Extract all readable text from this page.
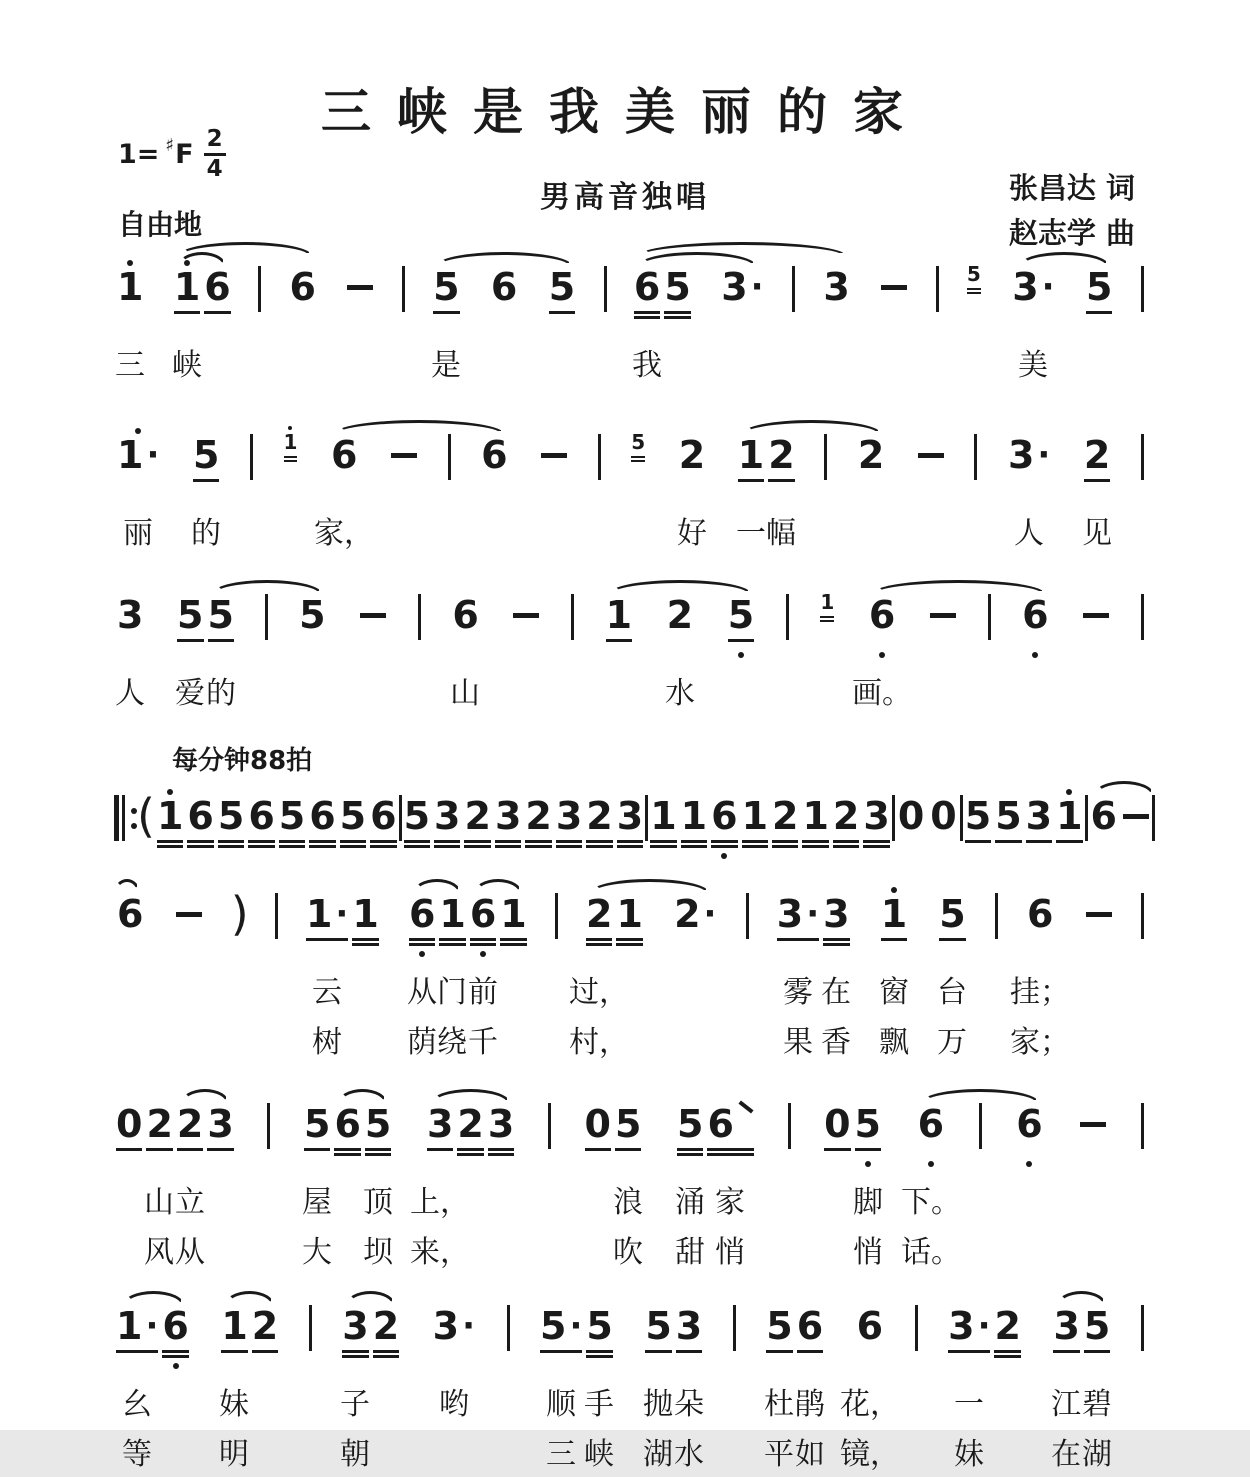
三峡是我美丽的家
1= ♯ F $\frac{2}{4}$
自由地
男高音独唱	张昌达 词
赵志学 曲
1 1 6 6	5 6 5 6 5 3 · 3	5 3 · 5
三 峡	是	我	美
1 · 5	1 6	6	5 2 1 2 2	3 · 2
丽 的	家，	好 一 幅	人 见
3 5 5 5	6	1 2 5	1 6	6
人 爱 的	山	水	画。
每分钟88拍
( 1 6 5 6 5 6 5 6 5 3 2 3 2 3 2 3 1 1 6 1 2 1 2 3 0 0 5 5 3 1 6
6 ) 1 · 1 6 1 6 1 2 1 2 · 3 · 3 1 5 6
云 从 门 前 过，	雾 在 窗 台 挂；
树 荫 绕 千 村，	果 香 飘 万 家；
0 2 2 3 5 6 5 3 2 3 0 5 5 6 0 5 6 6
山 立	屋 顶 上，	浪 涌 家	脚 下。
风 从	大 坝 来，	吹 甜 悄	悄 话。
1 · 6 1 2 3 2 3 · 5 · 5 5 3 5 6 6 3 · 2 3 5
幺 妹	子 哟	顺 手 抛 朵 杜 鹃 花， 一 江 碧
等 明	朝	三 峡 湖 水 平 如 镜， 妹 在 湖
